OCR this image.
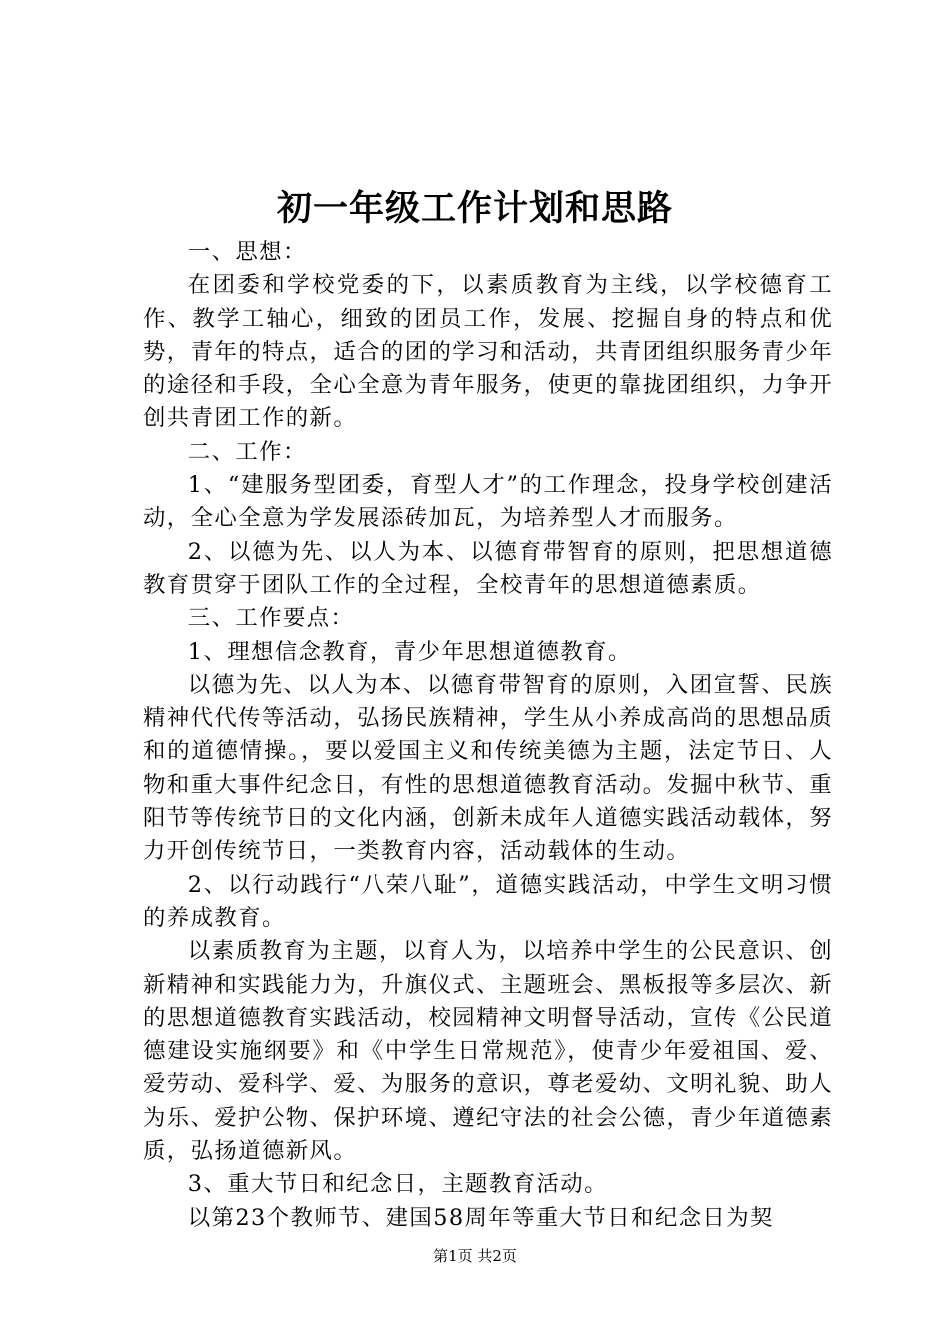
初一年级工作计划和思路

一、思想：

在团委和学校党委的下，以素质教育为主线，以学校德育工作、教学工轴心，细致的团员工作，发展、挖掘自身的特点和优势，青年的特点，适合的团的学习和活动，共青团组织服务青少年的途径和手段，全心全意为青年服务，使更的靠拢团组织，力争开创共青团工作的新。

二、工作：

1、“建服务型团委，育型人才”的工作理念，投身学校创建活动，全心全意为学发展添砖加瓦，为培养型人才而服务。

2、以德为先、以人为本、以德育带智育的原则，把思想道德教育贯穿于团队工作的全过程，全校青年的思想道德素质。

三、工作要点：

1、理想信念教育，青少年思想道德教育。

以德为先、以人为本、以德育带智育的原则，入团宣誓、民族精神代代传等活动，弘扬民族精神，学生从小养成高尚的思想品质和的道德情操。，要以爱国主义和传统美德为主题，法定节日、人物和重大事件纪念日，有性的思想道德教育活动。发掘中秋节、重阳节等传统节日的文化内涵，创新未成年人道德实践活动载体，努力开创传统节日，一类教育内容，活动载体的生动。

2、以行动践行“八荣八耻”，道德实践活动，中学生文明习惯的养成教育。

以素质教育为主题，以育人为，以培养中学生的公民意识、创新精神和实践能力为，升旗仪式、主题班会、黑板报等多层次、新的思想道德教育实践活动，校园精神文明督导活动，宣传《公民道德建设实施纲要》和《中学生日常规范》，使青少年爱祖国、爱、爱劳动、爱科学、爱、为服务的意识，尊老爱幼、文明礼貌、助人为乐、爱护公物、保护环境、遵纪守法的社会公德，青少年道德素质，弘扬道德新风。

3、重大节日和纪念日，主题教育活动。

以第23个教师节、建国58周年等重大节日和纪念日为契

第1页 共2页
